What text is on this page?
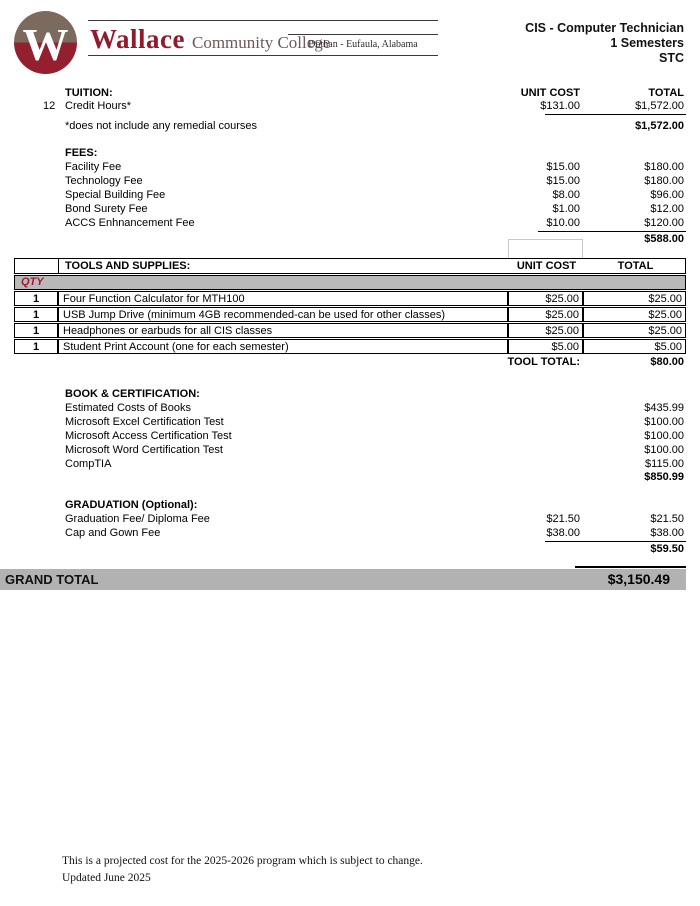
W Wallace Community College
Dothan - Eufaula, Alabama
CIS - Computer Technician
1 Semesters
STC
TUITION:	UNIT COST	TOTAL
12 Credit Hours*	$131.00	$1,572.00
*does not include any remedial courses	$1,572.00
FEES:
Facility Fee	$15.00	$180.00
Technology Fee	$15.00	$180.00
Special Building Fee	$8.00	$96.00
Bond Surety Fee	$1.00	$12.00
ACCS Enhnancement Fee	$10.00	$120.00
$588.00
TOOLS AND SUPPLIES:	UNIT COST	TOTAL
QTY
1	Four Function Calculator for MTH100	$25.00	$25.00
1	USB Jump Drive (minimum 4GB recommended-can be used for other classes)	$25.00	$25.00
1	Headphones or earbuds for all CIS classes	$25.00	$25.00
1	Student Print Account (one for each semester)	$5.00	$5.00
TOOL TOTAL:	$80.00
BOOK & CERTIFICATION:
Estimated Costs of Books	$435.99
Microsoft Excel Certification Test	$100.00
Microsoft Access Certification Test	$100.00
Microsoft Word Certification Test	$100.00
CompTIA	$115.00
$850.99
GRADUATION (Optional):
Graduation Fee/ Diploma Fee	$21.50	$21.50
Cap and Gown Fee	$38.00	$38.00
$59.50
GRAND TOTAL	$3,150.49
This is a projected cost for the 2025-2026 program which is subject to change.
Updated June 2025
